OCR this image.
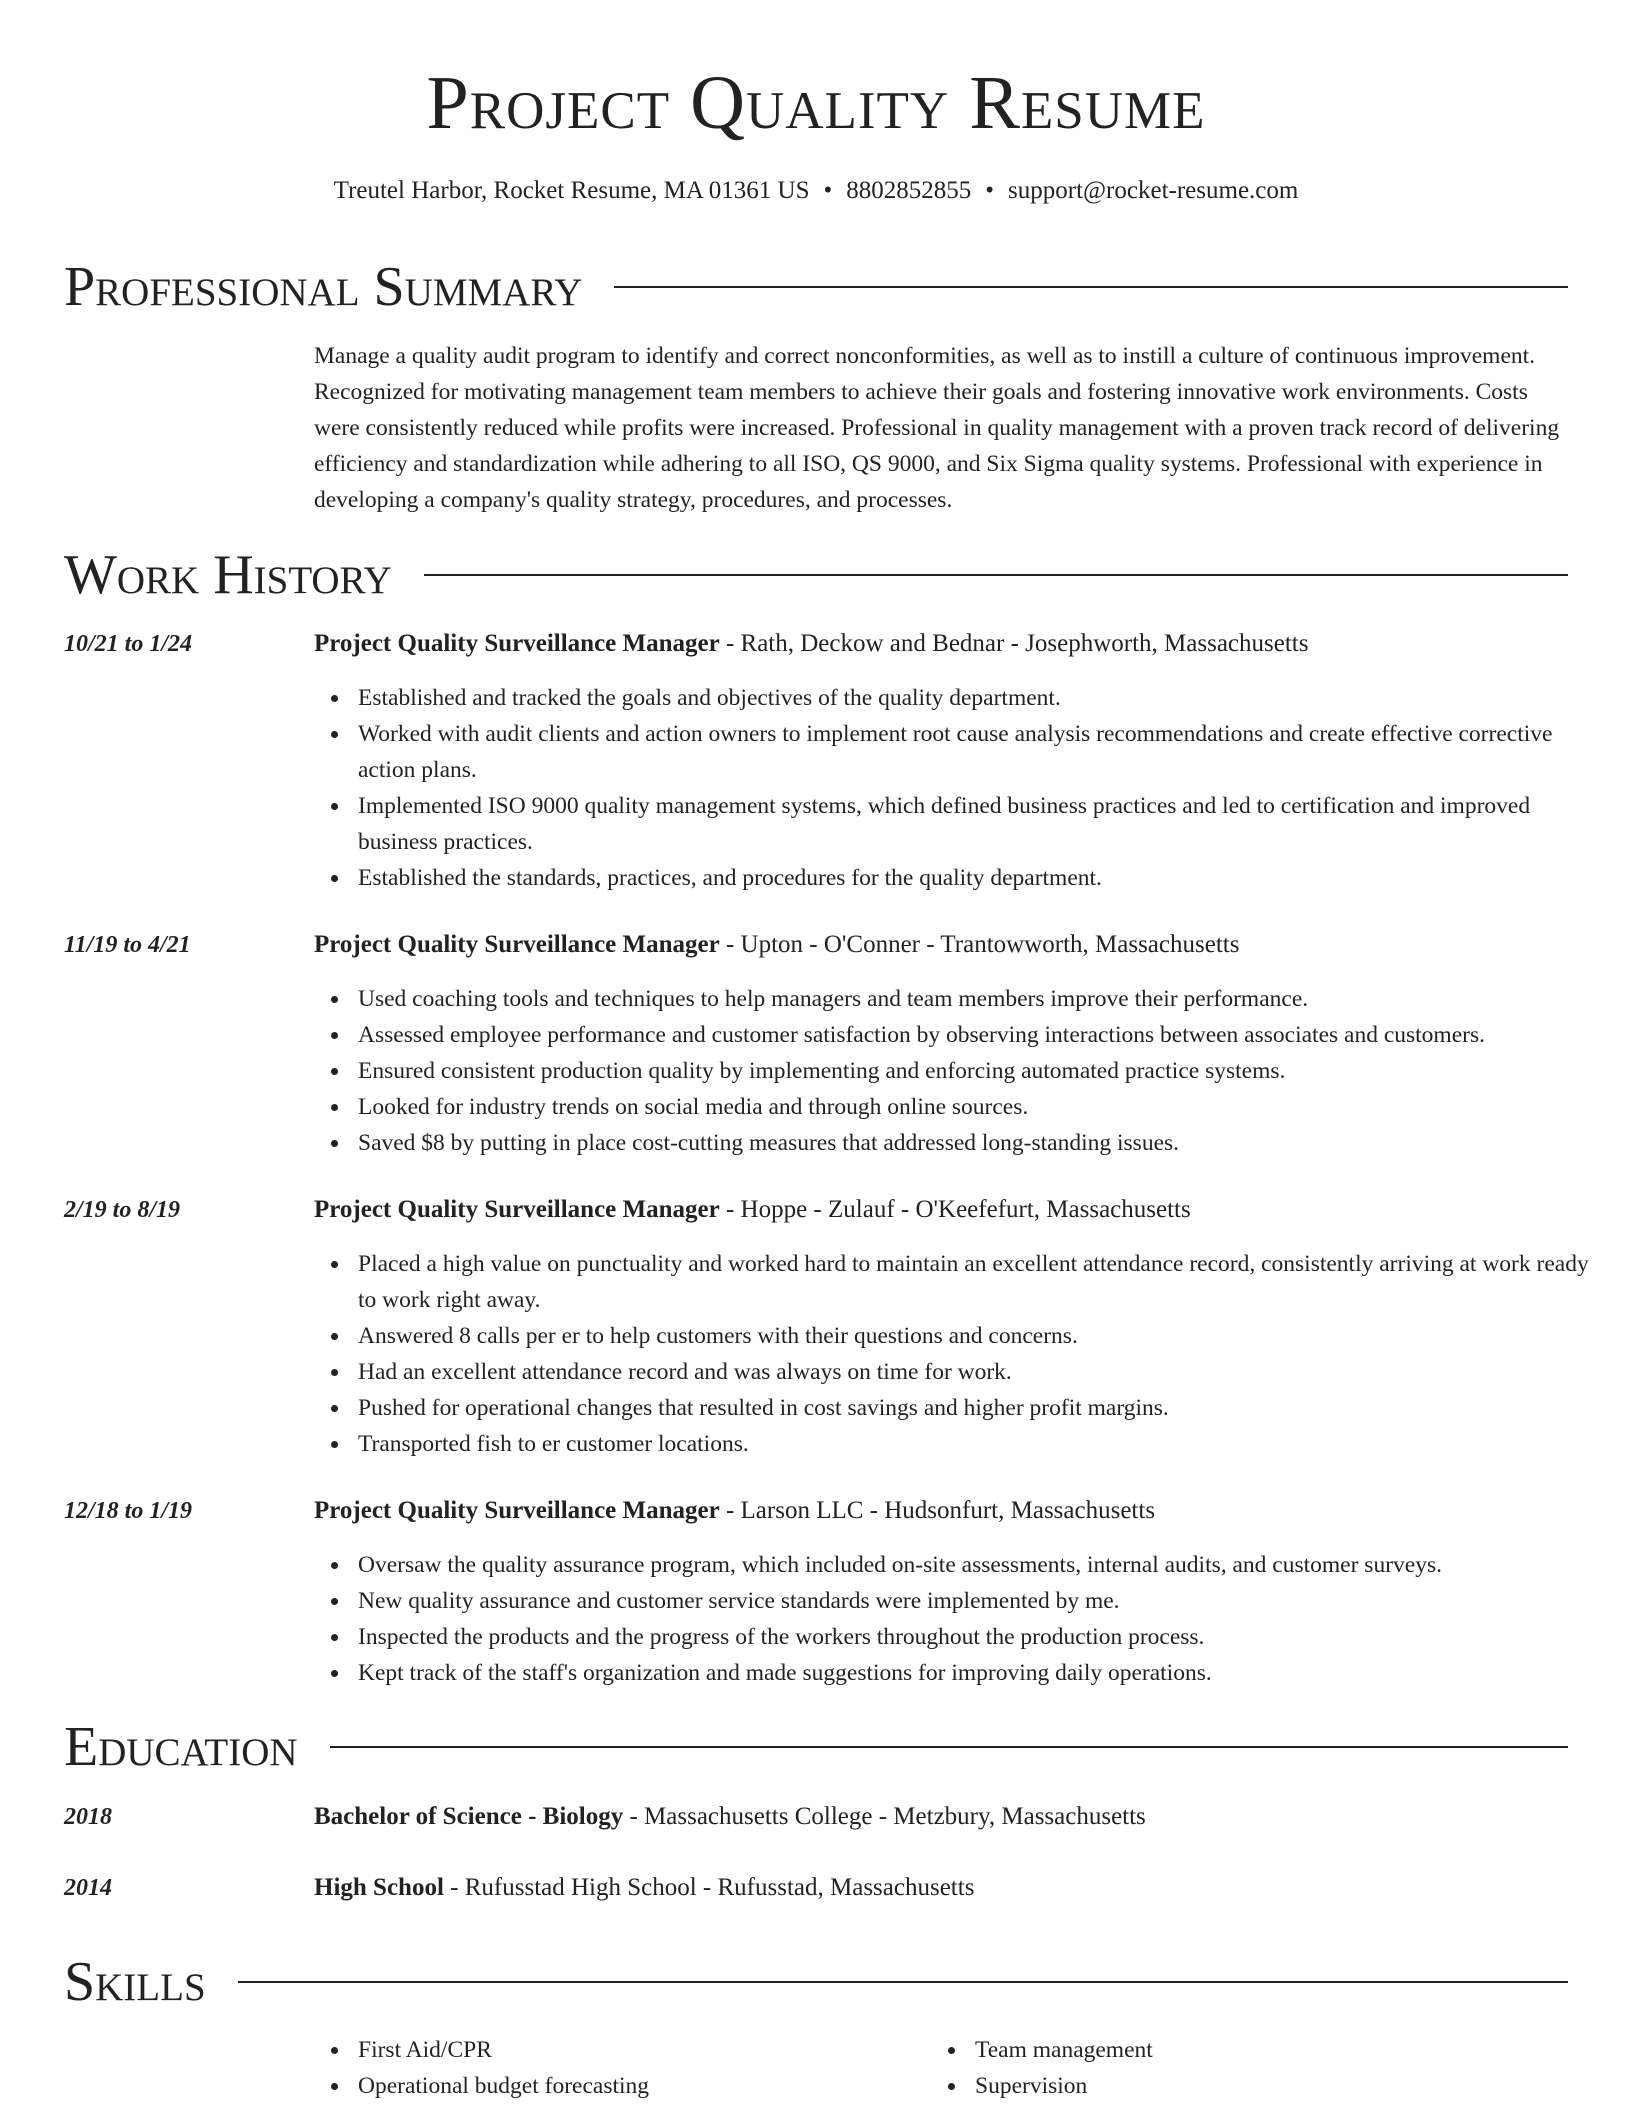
Project Quality Resume
Treutel Harbor, Rocket Resume, MA 01361 US • 8802852855 • support@rocket-resume.com
Professional Summary
Manage a quality audit program to identify and correct nonconformities, as well as to instill a culture of continuous improvement. Recognized for motivating management team members to achieve their goals and fostering innovative work environments. Costs were consistently reduced while profits were increased. Professional in quality management with a proven track record of delivering efficiency and standardization while adhering to all ISO, QS 9000, and Six Sigma quality systems. Professional with experience in developing a company's quality strategy, procedures, and processes.
Work History
10/21 to 1/24	Project Quality Surveillance Manager - Rath, Deckow and Bednar - Josephworth, Massachusetts
Established and tracked the goals and objectives of the quality department.
Worked with audit clients and action owners to implement root cause analysis recommendations and create effective corrective action plans.
Implemented ISO 9000 quality management systems, which defined business practices and led to certification and improved business practices.
Established the standards, practices, and procedures for the quality department.
11/19 to 4/21	Project Quality Surveillance Manager - Upton - O'Conner - Trantowworth, Massachusetts
Used coaching tools and techniques to help managers and team members improve their performance.
Assessed employee performance and customer satisfaction by observing interactions between associates and customers.
Ensured consistent production quality by implementing and enforcing automated practice systems.
Looked for industry trends on social media and through online sources.
Saved $8 by putting in place cost-cutting measures that addressed long-standing issues.
2/19 to 8/19	Project Quality Surveillance Manager - Hoppe - Zulauf - O'Keefefurt, Massachusetts
Placed a high value on punctuality and worked hard to maintain an excellent attendance record, consistently arriving at work ready to work right away.
Answered 8 calls per er to help customers with their questions and concerns.
Had an excellent attendance record and was always on time for work.
Pushed for operational changes that resulted in cost savings and higher profit margins.
Transported fish to er customer locations.
12/18 to 1/19	Project Quality Surveillance Manager - Larson LLC - Hudsonfurt, Massachusetts
Oversaw the quality assurance program, which included on-site assessments, internal audits, and customer surveys.
New quality assurance and customer service standards were implemented by me.
Inspected the products and the progress of the workers throughout the production process.
Kept track of the staff's organization and made suggestions for improving daily operations.
Education
2018	Bachelor of Science - Biology - Massachusetts College - Metzbury, Massachusetts
2014	High School - Rufusstad High School - Rufusstad, Massachusetts
Skills
First Aid/CPR
Operational budget forecasting
Team management
Supervision
